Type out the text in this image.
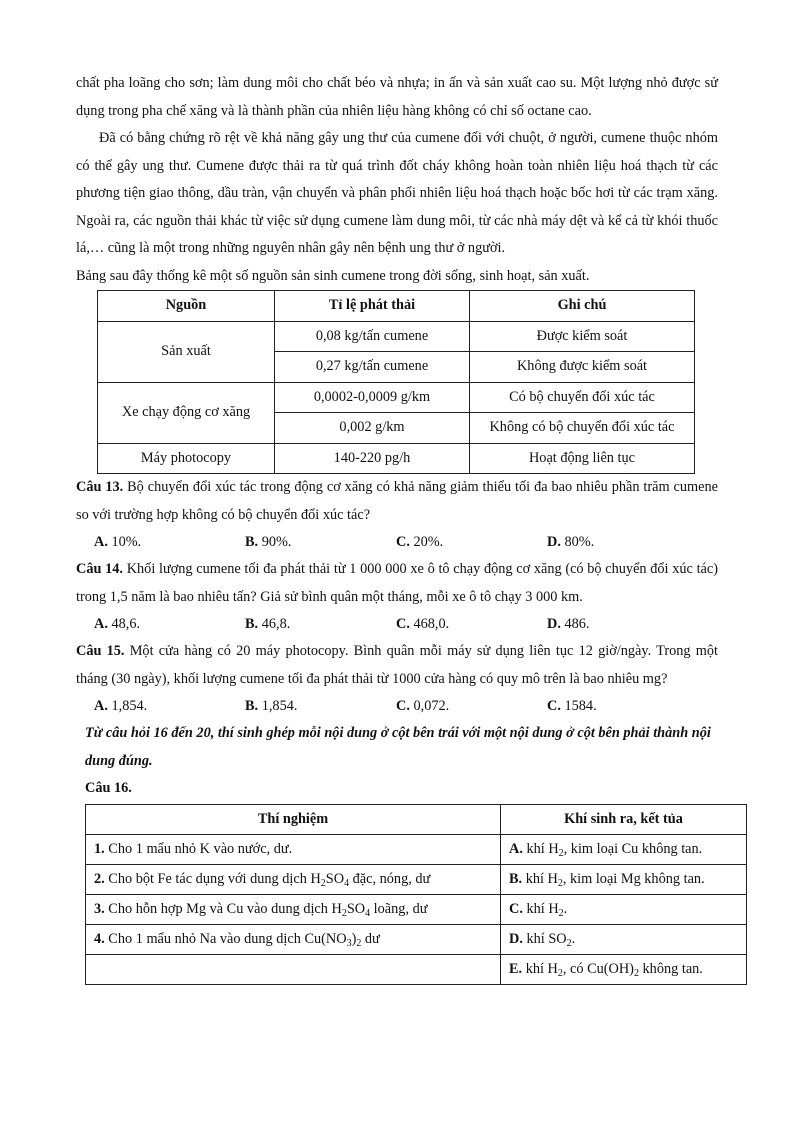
chất pha loãng cho sơn; làm dung môi cho chất béo và nhựa; in ấn và sản xuất cao su. Một lượng nhỏ được sử dụng trong pha chế xăng và là thành phần của nhiên liệu hàng không có chỉ số octane cao.

Đã có bằng chứng rõ rệt về khả năng gây ung thư của cumene đối với chuột, ở người, cumene thuộc nhóm có thể gây ung thư. Cumene được thải ra từ quá trình đốt cháy không hoàn toàn nhiên liệu hoá thạch từ các phương tiện giao thông, dầu tràn, vận chuyển và phân phối nhiên liệu hoá thạch hoặc bốc hơi từ các trạm xăng. Ngoài ra, các nguồn thải khác từ việc sử dụng cumene làm dung môi, từ các nhà máy dệt và kể cả từ khói thuốc lá,… cũng là một trong những nguyên nhân gây nên bệnh ung thư ở người.

Bảng sau đây thống kê một số nguồn sản sinh cumene trong đời sống, sinh hoạt, sản xuất.

Nguồn	Tỉ lệ phát thải	Ghi chú
Sản xuất	0,08 kg/tấn cumene	Được kiểm soát
	0,27 kg/tấn cumene	Không được kiểm soát
Xe chạy động cơ xăng	0,0002-0,0009 g/km	Có bộ chuyển đổi xúc tác
	0,002 g/km	Không có bộ chuyển đổi xúc tác
Máy photocopy	140-220 pg/h	Hoạt động liên tục

Câu 13. Bộ chuyển đổi xúc tác trong động cơ xăng có khả năng giảm thiểu tối đa bao nhiêu phần trăm cumene so với trường hợp không có bộ chuyển đổi xúc tác?

A. 10%.	B. 90%.	C. 20%.	D. 80%.

Câu 14. Khối lượng cumene tối đa phát thải từ 1 000 000 xe ô tô chạy động cơ xăng (có bộ chuyển đổi xúc tác) trong 1,5 năm là bao nhiêu tấn? Giả sử bình quân một tháng, mỗi xe ô tô chạy 3 000 km.

A. 48,6.	B. 46,8.	C. 468,0.	D. 486.

Câu 15. Một cửa hàng có 20 máy photocopy. Bình quân mỗi máy sử dụng liên tục 12 giờ/ngày. Trong một tháng (30 ngày), khối lượng cumene tối đa phát thải từ 1000 cửa hàng có quy mô trên là bao nhiêu mg?

A. 1,854.	B. 1,854.	C. 0,072.	C. 1584.

Từ câu hỏi 16 đến 20, thí sinh ghép mỗi nội dung ở cột bên trái với một nội dung ở cột bên phải thành nội dung đúng.

Câu 16.
Thí nghiệm	Khí sinh ra, kết tủa
1. Cho 1 mẩu nhỏ K vào nước, dư.	A. khí $H_2$, kim loại Cu không tan.
2. Cho bột Fe tác dụng với dung dịch $H_2SO_4$ đặc, nóng, dư	B. khí $H_2$, kim loại Mg không tan.
3. Cho hỗn hợp Mg và Cu vào dung dịch $H_2SO_4$ loãng, dư	C. khí $H_2$.
4. Cho 1 mẩu nhỏ Na vào dung dịch $Cu(NO_3)_2$ dư	D. khí $SO_2$.
	E. khí $H_2$, có $Cu(OH)_2$ không tan.
